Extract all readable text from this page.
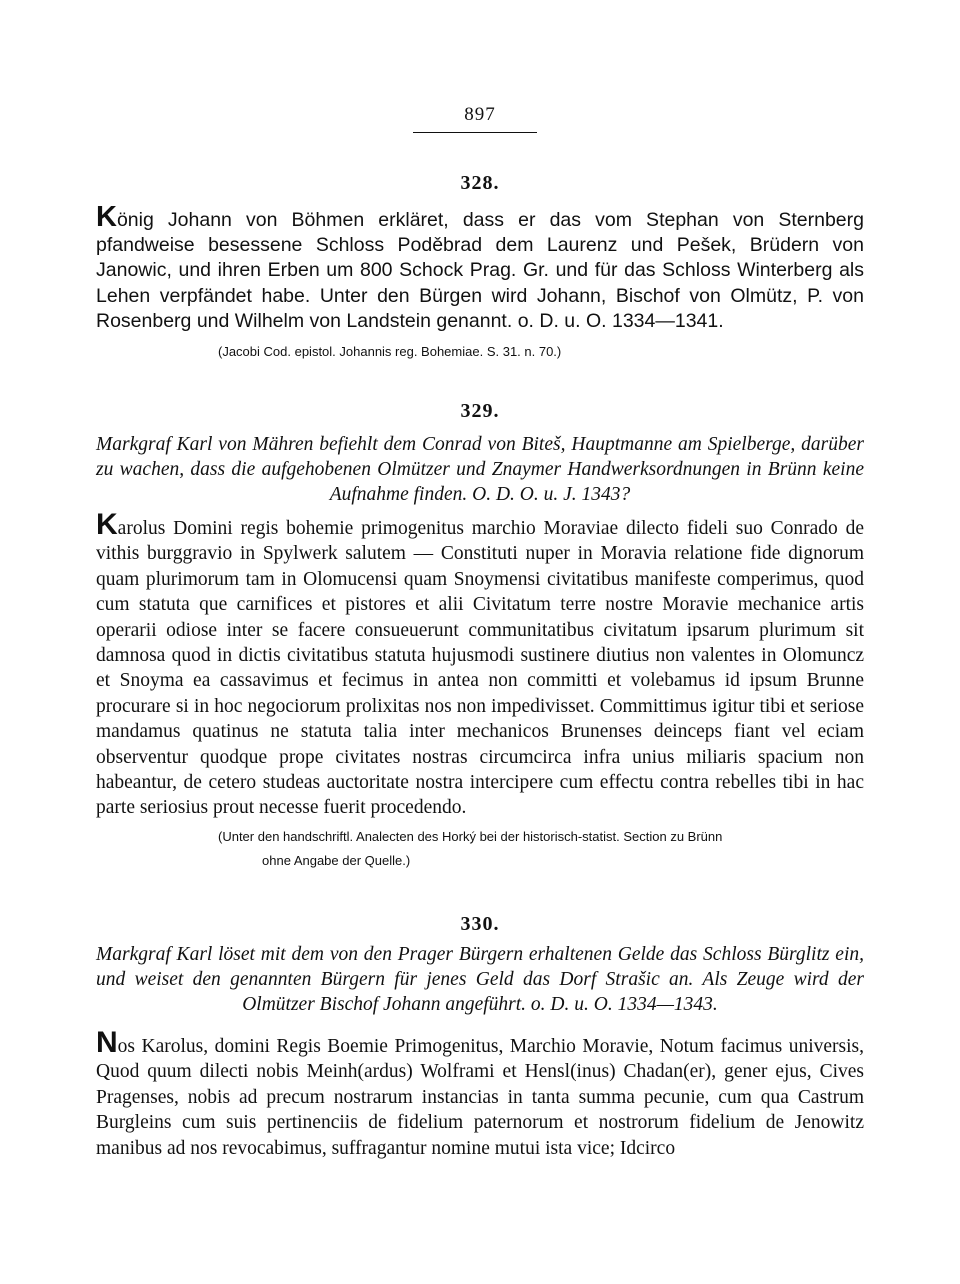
897
328.
König Johann von Böhmen erkläret, dass er das vom Stephan von Sternberg pfandweise besessene Schloss Poděbrad dem Laurenz und Pešek, Brüdern von Janowic, und ihren Erben um 800 Schock Prag. Gr. und für das Schloss Winterberg als Lehen verpfändet habe. Unter den Bürgen wird Johann, Bischof von Olmütz, P. von Rosenberg und Wilhelm von Landstein genannt. o. D. u. O. 1334—1341.
(Jacobi Cod. epistol. Johannis reg. Bohemiae. S. 31. n. 70.)
329.
Markgraf Karl von Mähren befiehlt dem Conrad von Biteš, Hauptmanne am Spielberge, darüber zu wachen, dass die aufgehobenen Olmützer und Znaymer Handwerksordnungen in Brünn keine Aufnahme finden. O. D. O. u. J. 1343?
Karolus Domini regis bohemie primogenitus marchio Moraviae dilecto fideli suo Conrado de vithis burggravio in Spylwerk salutem — Constituti nuper in Moravia relatione fide dignorum quam plurimorum tam in Olomucensi quam Snoymensi civitatibus manifeste comperimus, quod cum statuta que carnifices et pistores et alii Civitatum terre nostre Moravie mechanice artis operarii odiose inter se facere consueuerunt communitatibus civitatum ipsarum plurimum sit damnosa quod in dictis civitatibus statuta hujusmodi sustinere diutius non valentes in Olomuncz et Snoyma ea cassavimus et fecimus in antea non committi et volebamus id ipsum Brunne procurare si in hoc negociorum prolixitas nos non impedivisset. Committimus igitur tibi et seriose mandamus quatinus ne statuta talia inter mechanicos Brunenses deinceps fiant vel eciam observentur quodque prope civitates nostras circumcirca infra unius miliaris spacium non habeantur, de cetero studeas auctoritate nostra intercipere cum effectu contra rebelles tibi in hac parte seriosius prout necesse fuerit procedendo.
(Unter den handschriftl. Analecten des Horký bei der historisch-statist. Section zu Brünn
ohne Angabe der Quelle.)
330.
Markgraf Karl löset mit dem von den Prager Bürgern erhaltenen Gelde das Schloss Bürglitz ein, und weiset den genannten Bürgern für jenes Geld das Dorf Strašic an. Als Zeuge wird der Olmützer Bischof Johann angeführt. o. D. u. O. 1334—1343.
Nos Karolus, domini Regis Boemie Primogenitus, Marchio Moravie, Notum facimus universis, Quod quum dilecti nobis Meinh(ardus) Wolframi et Hensl(inus) Chadan(er), gener ejus, Cives Pragenses, nobis ad precum nostrarum instancias in tanta summa pecunie, cum qua Castrum Burgleins cum suis pertinenciis de fidelium paternorum et nostrorum fidelium de Jenowitz manibus ad nos revocabimus, suffragantur nomine mutui ista vice; Idcirco
